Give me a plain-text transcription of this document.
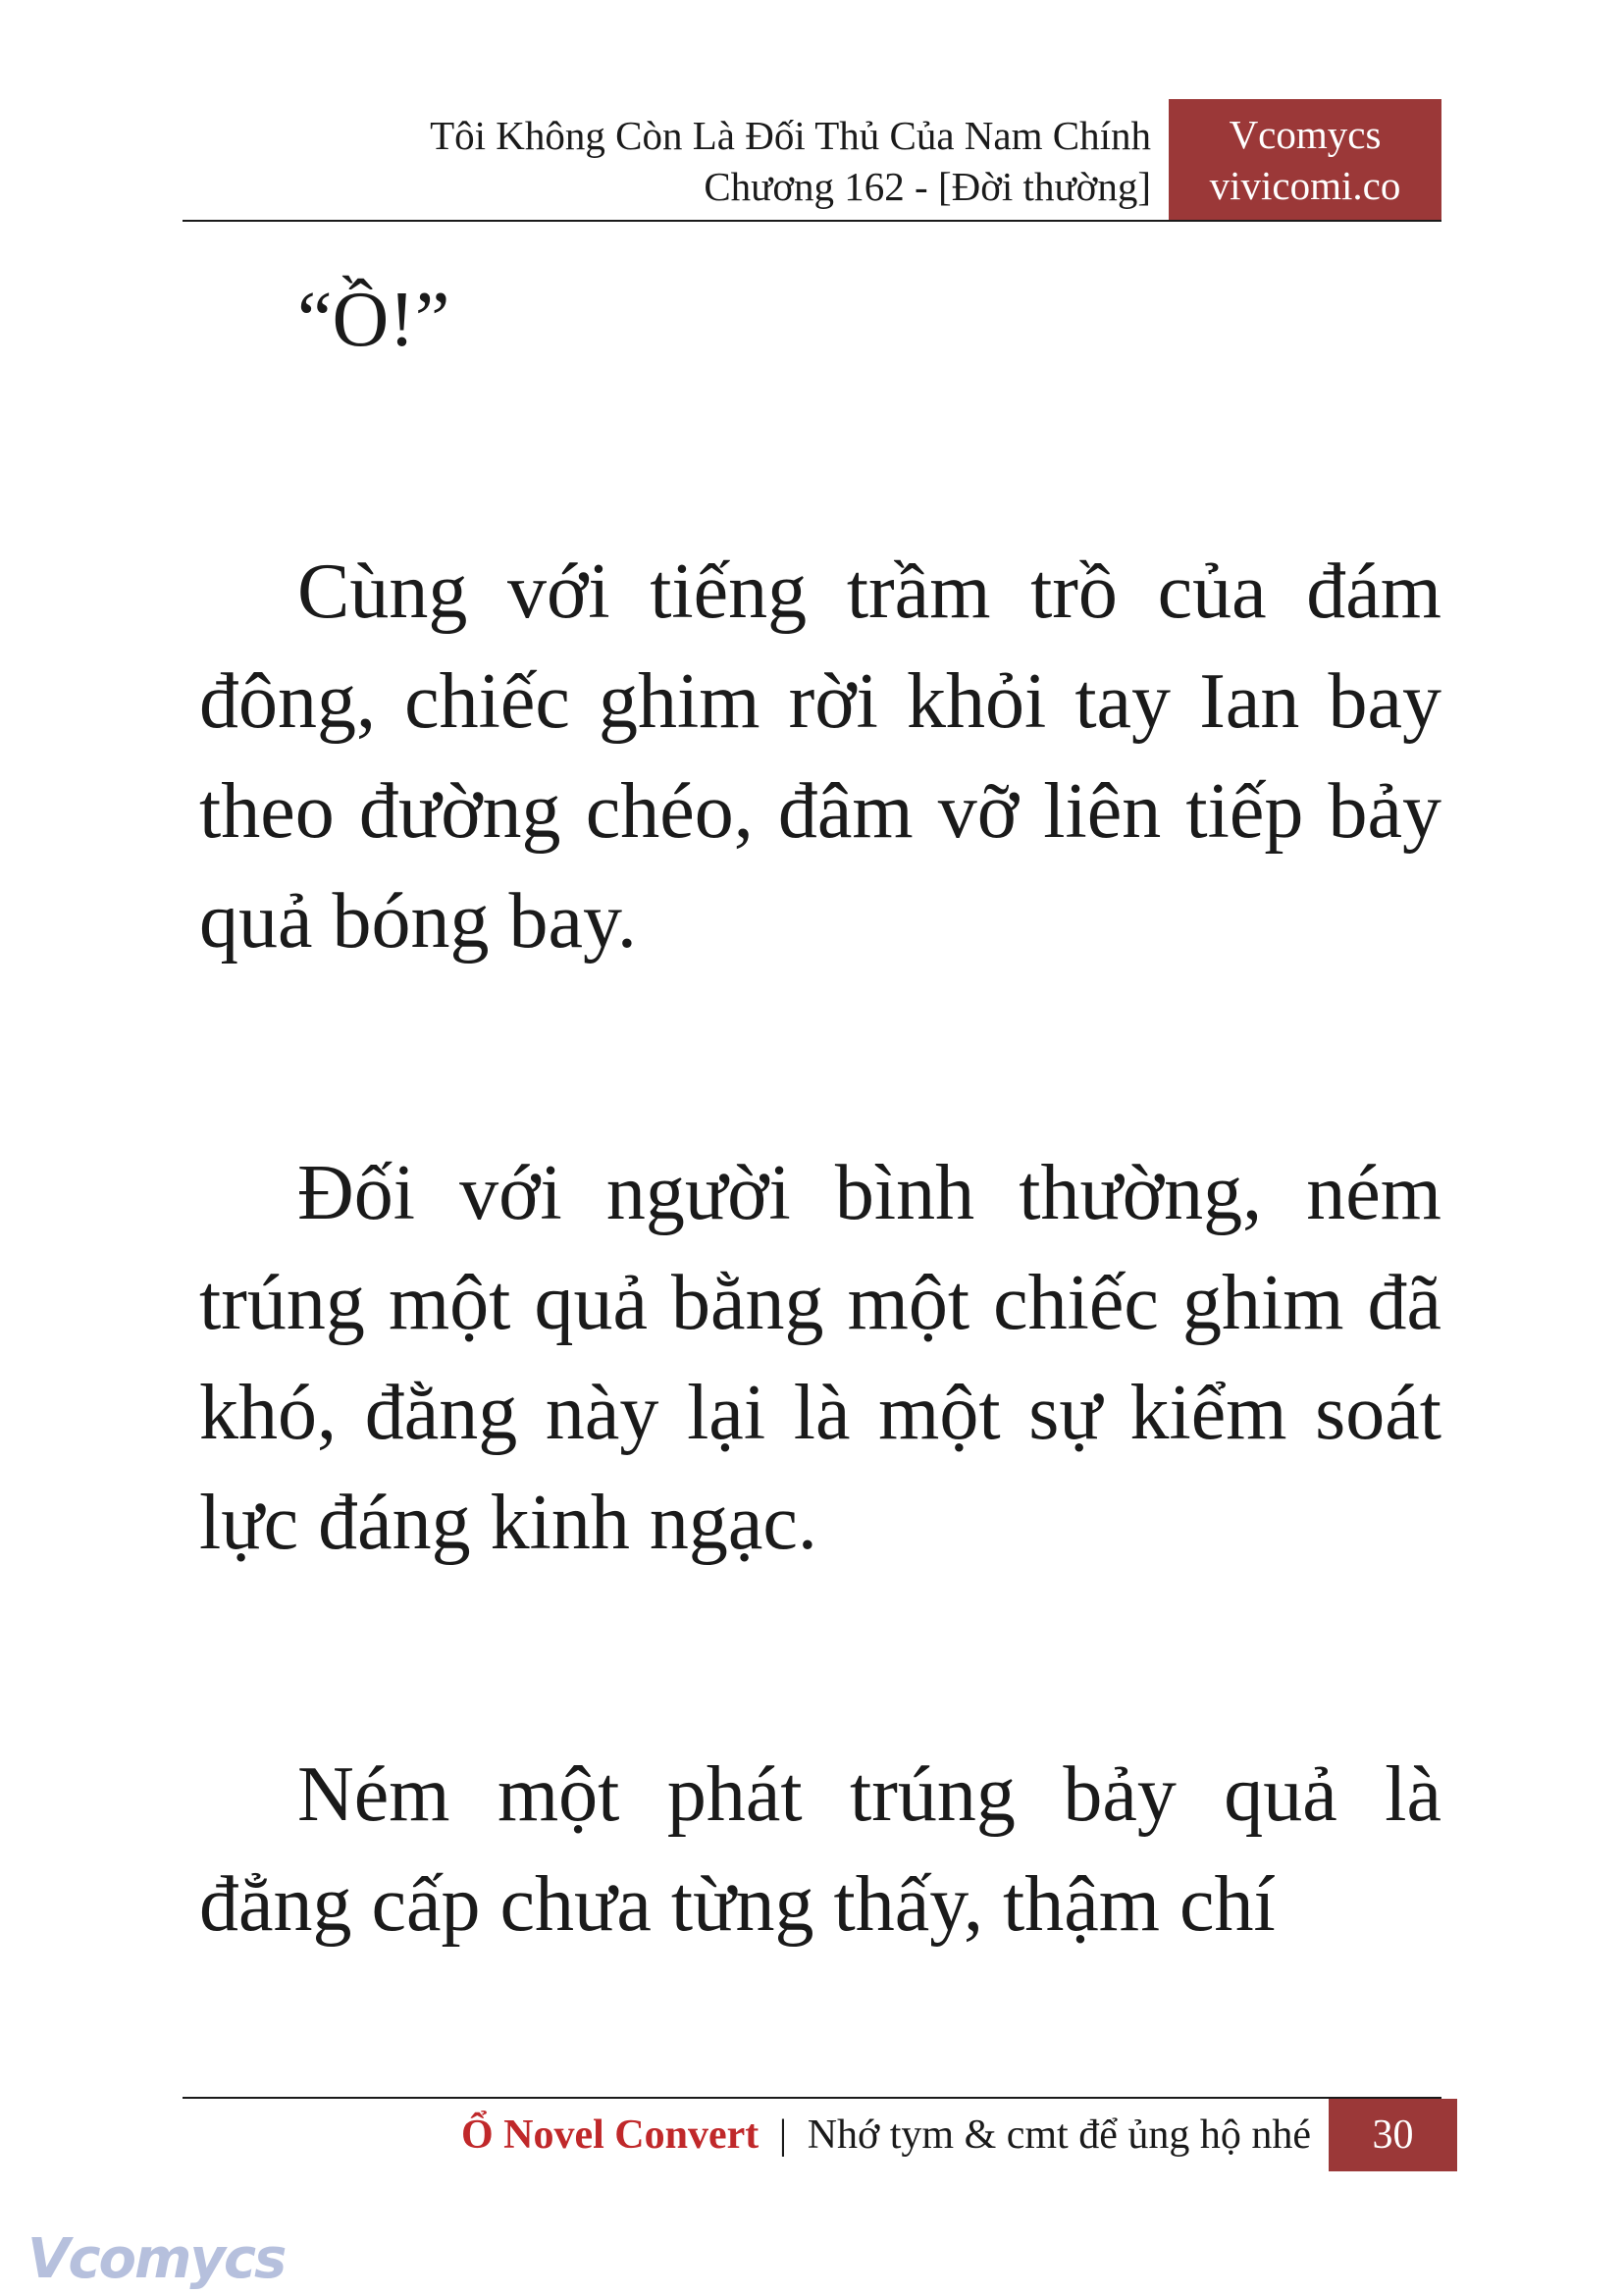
Tôi Không Còn Là Đối Thủ Của Nam Chính
Chương 162 - [Đời thường]
Vcomycs
vivicomi.co

“Ồ!”

Cùng với tiếng trầm trồ của đám đông, chiếc ghim rời khỏi tay Ian bay theo đường chéo, đâm vỡ liên tiếp bảy quả bóng bay.

Đối với người bình thường, ném trúng một quả bằng một chiếc ghim đã khó, đằng này lại là một sự kiểm soát lực đáng kinh ngạc.

Ném một phát trúng bảy quả là đẳng cấp chưa từng thấy, thậm chí

Ổ Novel Convert | Nhớ tym & cmt để ủng hộ nhé	30
Vcomycs
